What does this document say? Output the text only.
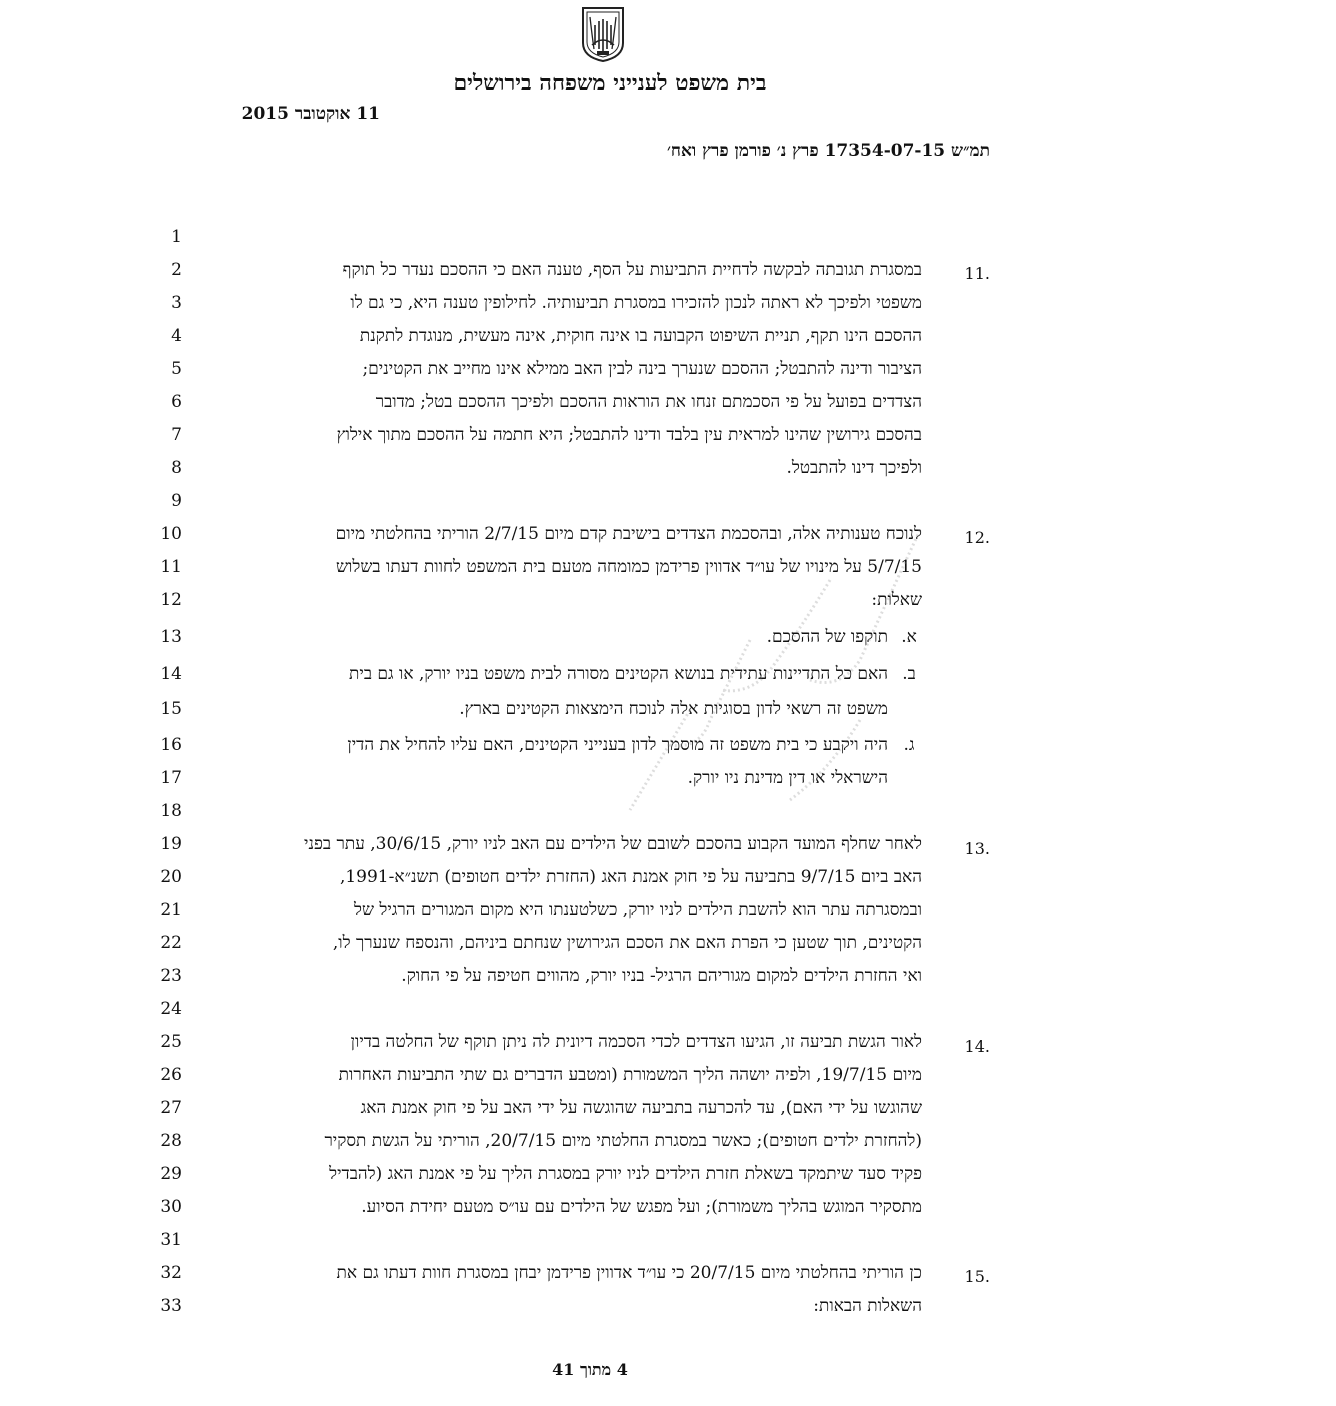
בית משפט לענייני משפחה בירושלים
11 אוקטובר 2015
תמ״ש 17354-07-15 פרץ נ׳ פורמן פרץ ואח׳
1
2
3
4
5
6
7
8
9
10
11
12
13
14
15
16
17
18
19
20
21
22
23
24
25
26
27
28
29
30
31
32
33
11.
במסגרת תגובתה לבקשה לדחיית התביעות על הסף, טענה האם כי ההסכם נעדר כל תוקף
משפטי ולפיכך לא ראתה לנכון להזכירו במסגרת תביעותיה. לחילופין טענה היא, כי גם לו
ההסכם הינו תקף, תניית השיפוט הקבועה בו אינה חוקית, אינה מעשית, מנוגדת לתקנת
הציבור ודינה להתבטל; ההסכם שנערך בינה לבין האב ממילא אינו מחייב את הקטינים;
הצדדים בפועל על פי הסכמתם זנחו את הוראות ההסכם ולפיכך ההסכם בטל; מדובר
בהסכם גירושין שהינו למראית עין בלבד ודינו להתבטל; היא חתמה על ההסכם מתוך אילוץ
ולפיכך דינו להתבטל.
12.
לנוכח טענותיה אלה, ובהסכמת הצדדים בישיבת קדם מיום 2/7/15 הוריתי בהחלטתי מיום
5/7/15 על מינויו של עו״ד אדווין פרידמן כמומחה מטעם בית המשפט לחוות דעתו בשלוש
שאלות:
א.
תוקפו של ההסכם.
ב.
האם כל התדיינות עתידית בנושא הקטינים מסורה לבית משפט בניו יורק, או גם בית
משפט זה רשאי לדון בסוגיות אלה לנוכח הימצאות הקטינים בארץ.
ג.
היה ויקבע כי בית משפט זה מוסמך לדון בענייני הקטינים, האם עליו להחיל את הדין
הישראלי או דין מדינת ניו יורק.
13.
לאחר שחלף המועד הקבוע בהסכם לשובם של הילדים עם האב לניו יורק, 30/6/15, עתר בפני
האב ביום 9/7/15 בתביעה על פי חוק אמנת האג (החזרת ילדים חטופים) תשנ״א-1991,
ובמסגרתה עתר הוא להשבת הילדים לניו יורק, כשלטענתו היא מקום המגורים הרגיל של
הקטינים, תוך שטען כי הפרת האם את הסכם הגירושין שנחתם ביניהם, והנספח שנערך לו,
ואי החזרת הילדים למקום מגוריהם הרגיל- בניו יורק, מהווים חטיפה על פי החוק.
14.
לאור הגשת תביעה זו, הגיעו הצדדים לכדי הסכמה דיונית לה ניתן תוקף של החלטה בדיון
מיום 19/7/15, ולפיה יושהה הליך המשמורת (ומטבע הדברים גם שתי התביעות האחרות
שהוגשו על ידי האם), עד להכרעה בתביעה שהוגשה על ידי האב על פי חוק אמנת האג
(להחזרת ילדים חטופים); כאשר במסגרת החלטתי מיום 20/7/15, הוריתי על הגשת תסקיר
פקיד סעד שיתמקד בשאלת חזרת הילדים לניו יורק במסגרת הליך על פי אמנת האג (להבדיל
מתסקיר המוגש בהליך משמורת); ועל מפגש של הילדים עם עו״ס מטעם יחידת הסיוע.
15.
כן הוריתי בהחלטתי מיום 20/7/15 כי עו״ד אדווין פרידמן יבחן במסגרת חוות דעתו גם את
השאלות הבאות:
4 מתוך 41
